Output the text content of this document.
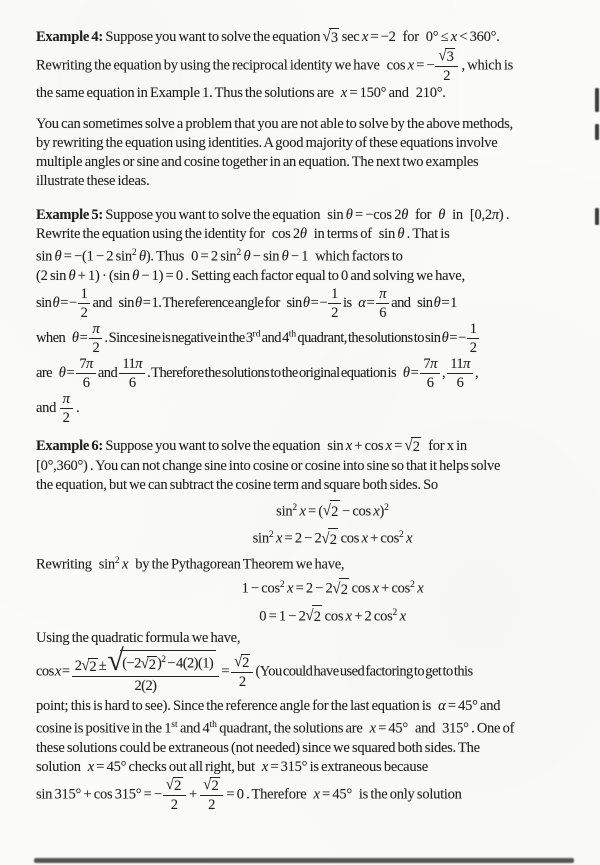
Example 4: Suppose you want to solve the equation √ 3 sec x = −2 for 0° ≤ x < 360°.
Rewriting the equation by using the reciprocal identity we have cos x = − $\frac{√ 3}{2}$ , which is
the same equation in Example 1. Thus the solutions are x = 150° and 210°.
You can sometimes solve a problem that you are not able to solve by the above methods,
by rewriting the equation using identities. A good majority of these equations involve
multiple angles or sine and cosine together in an equation. The next two examples
illustrate these ideas.
Example 5: Suppose you want to solve the equation sin θ = −cos 2θ for θ in [0,2π) .
Rewrite the equation using the identity for cos 2θ in terms of sin θ . That is
sin θ = −(1 − 2 $\sin^2 \theta$). Thus 0 = 2 $\sin^2 \theta - \sin \theta - 1$ which factors to
(2 sin θ + 1) · (sin θ − 1) = 0 . Setting each factor equal to 0 and solving we have,
sin θ = − $\frac{1}{2}$ and sin θ = 1. The reference angle for sin θ = − $\frac{1}{2}$ is $\alpha = \frac{\pi}{6}$ and sin θ = 1
when $\theta = \frac{\pi}{2}$ . Since sine is negative in the 3rd and 4th quadrant, the solutions to sin θ = − $\frac{1}{2}$
are $\theta = \frac{7\pi}{6}$ and $\frac{11\pi}{6}$ . Therefore the solutions to the original equation is $\theta = \frac{7\pi}{6}$ , $\frac{11\pi}{6}$ ,
and $\frac{\pi}{2}$ .
Example 6: Suppose you want to solve the equation sin x + cos x = √ 2  for x in
[0°,360°) . You can not change sine into cosine or cosine into sine so that it helps solve
the equation, but we can subtract the cosine term and square both sides. So
$\sin^2 x$ = ( √ 2 − cos x)$^2$
$\sin^2 x = 2 - 2$ √ 2 $\cos x + \cos^2 x$
Rewriting $\sin^2 x$ by the Pythagorean Theorem we have,
$1 - \cos^2 x = 2 - 2$ √ 2 $\cos x + \cos^2 x$
0 = 1 − 2 √ 2 cos x + 2 $\cos^2 x$
Using the quadratic formula we have,
$\cos x = \frac{2 √ 2 \pm √ (-2 √ 2 )^2 - 4(2)(1)}{2(2)} = \frac{√ 2}{2} (You$ could have used factoring to get to this
point; this is hard to see). Since the reference angle for the last equation is α = 45° and
cosine is positive in the 1st and 4th quadrant, the solutions are x = 45° and 315° . One of
these solutions could be extraneous (not needed) since we squared both sides. The
solution x = 45° checks out all right, but x = 315° is extraneous because
sin 315° + cos 315° = − $\frac{√ 2}{2} + \frac{√ 2}{2} = 0$ . Therefore x = 45° is the only solution
